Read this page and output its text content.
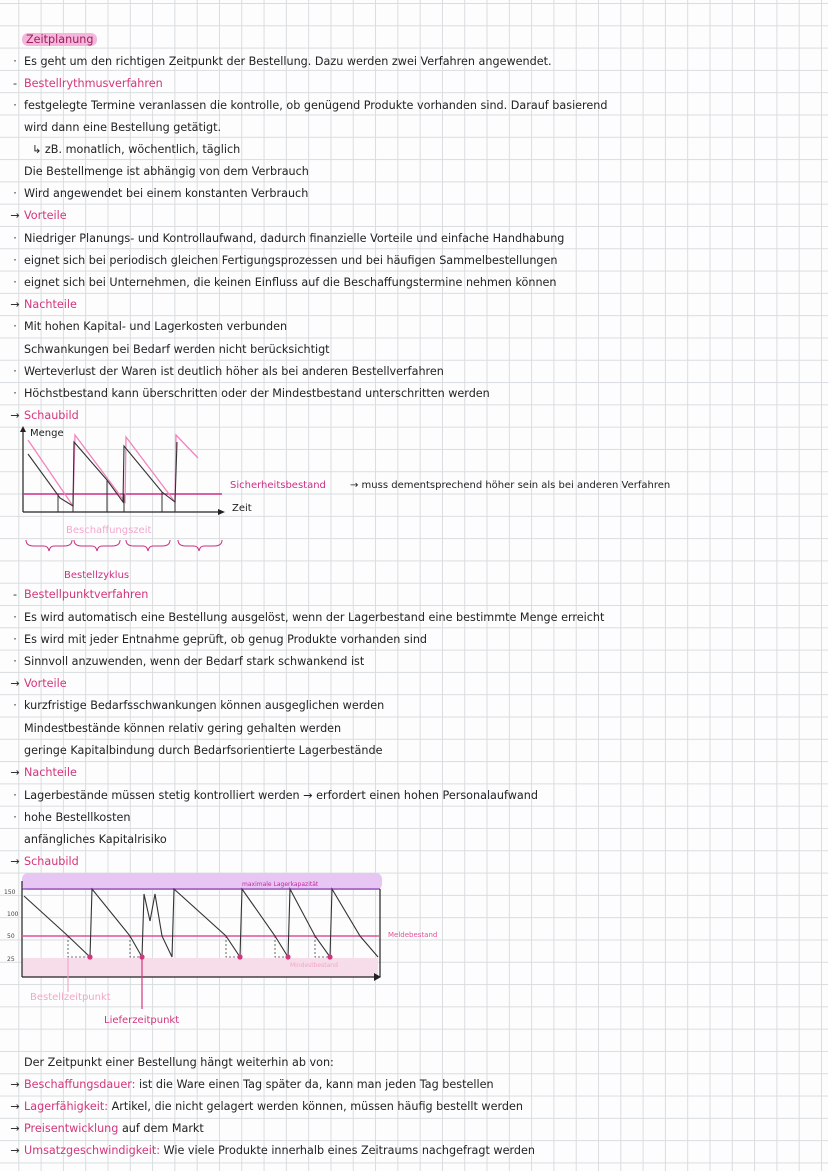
Zeitplanung
· Es geht um den richtigen Zeitpunkt der Bestellung. Dazu werden zwei Verfahren angewendet.
- Bestellrythmusverfahren
· festgelegte Termine veranlassen die kontrolle, ob genügend Produkte vorhanden sind. Darauf basierend
wird dann eine Bestellung getätigt.
↳ zB. monatlich, wöchentlich, täglich
Die Bestellmenge ist abhängig von dem Verbrauch
· Wird angewendet bei einem konstanten Verbrauch
→ Vorteile
· Niedriger Planungs- und Kontrollaufwand, dadurch finanzielle Vorteile und einfache Handhabung
· eignet sich bei periodisch gleichen Fertigungsprozessen und bei häufigen Sammelbestellungen
· eignet sich bei Unternehmen, die keinen Einfluss auf die Beschaffungstermine nehmen können
→ Nachteile
· Mit hohen Kapital- und Lagerkosten verbunden
Schwankungen bei Bedarf werden nicht berücksichtigt
· Werteverlust der Waren ist deutlich höher als bei anderen Bestellverfahren
· Höchstbestand kann überschritten oder der Mindestbestand unterschritten werden
→ Schaubild
Menge
Zeit
Sicherheitsbestand → muss dementsprechend höher sein als bei anderen Verfahren
Beschaffungszeit
Bestellzyklus
- Bestellpunktverfahren
· Es wird automatisch eine Bestellung ausgelöst, wenn der Lagerbestand eine bestimmte Menge erreicht
· Es wird mit jeder Entnahme geprüft, ob genug Produkte vorhanden sind
· Sinnvoll anzuwenden, wenn der Bedarf stark schwankend ist
→ Vorteile
· kurzfristige Bedarfsschwankungen können ausgeglichen werden
Mindestbestände können relativ gering gehalten werden
geringe Kapitalbindung durch Bedarfsorientierte Lagerbestände
→ Nachteile
· Lagerbestände müssen stetig kontrolliert werden → erfordert einen hohen Personalaufwand
· hohe Bestellkosten
anfängliches Kapitalrisiko
→ Schaubild
maximale Lagerkapazität
Mindestbestand
150
100
50
25
Meldebestand
Bestellzeitpunkt
Lieferzeitpunkt
Der Zeitpunkt einer Bestellung hängt weiterhin ab von:
→ Beschaffungsdauer: ist die Ware einen Tag später da, kann man jeden Tag bestellen
→ Lagerfähigkeit: Artikel, die nicht gelagert werden können, müssen häufig bestellt werden
→ Preisentwicklung auf dem Markt
→ Umsatzgeschwindigkeit: Wie viele Produkte innerhalb eines Zeitraums nachgefragt werden
